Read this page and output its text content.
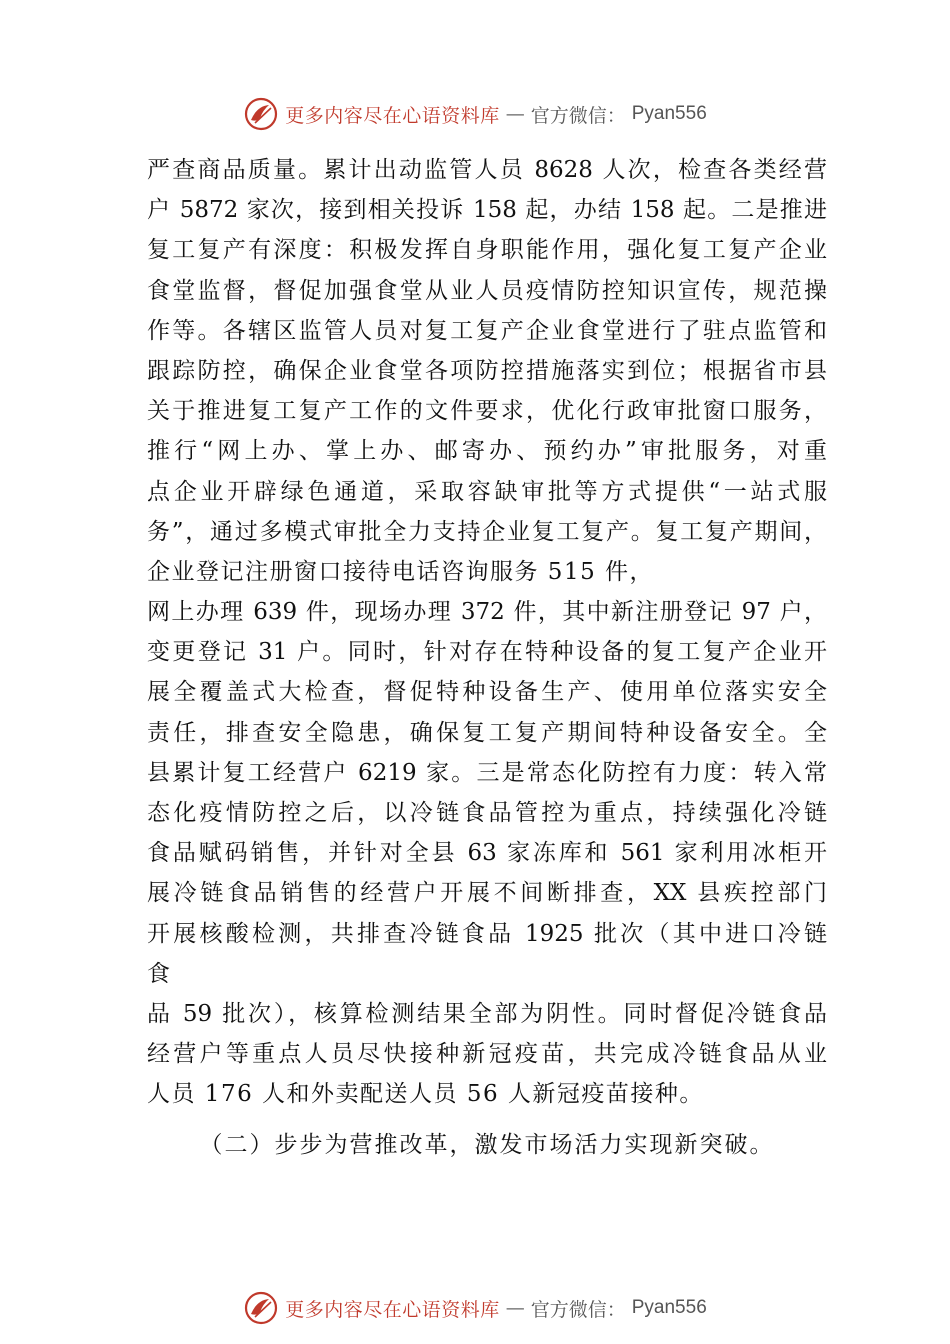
更多内容尽在心语资料库 — 官方微信： Pyan556
严查商品质量。累计出动监管人员 8628 人次，检查各类经营
户 5872 家次，接到相关投诉 158 起，办结 158 起。二是推进
复工复产有深度：积极发挥自身职能作用，强化复工复产企业
食堂监督，督促加强食堂从业人员疫情防控知识宣传，规范操
作等。各辖区监管人员对复工复产企业食堂进行了驻点监管和
跟踪防控，确保企业食堂各项防控措施落实到位；根据省市县
关于推进复工复产工作的文件要求，优化行政审批窗口服务，
推行“网上办、掌上办、邮寄办、预约办”审批服务，对重
点企业开辟绿色通道，采取容缺审批等方式提供“一站式服
务”，通过多模式审批全力支持企业复工复产。复工复产期间，
企业登记注册窗口接待电话咨询服务 515 件，
网上办理 639 件，现场办理 372 件，其中新注册登记 97 户，
变更登记 31 户。同时，针对存在特种设备的复工复产企业开
展全覆盖式大检查，督促特种设备生产、使用单位落实安全
责任，排查安全隐患，确保复工复产期间特种设备安全。全
县累计复工经营户 6219 家。三是常态化防控有力度：转入常
态化疫情防控之后，以冷链食品管控为重点，持续强化冷链
食品赋码销售，并针对全县 63 家冻库和 561 家利用冰柜开
展冷链食品销售的经营户开展不间断排查，XX 县疾控部门
开展核酸检测，共排查冷链食品 1925 批次（其中进口冷链
食
品 59 批次），核算检测结果全部为阴性。同时督促冷链食品
经营户等重点人员尽快接种新冠疫苗，共完成冷链食品从业
人员 176 人和外卖配送人员 56 人新冠疫苗接种。
（二）步步为营推改革，激发市场活力实现新突破。
更多内容尽在心语资料库 — 官方微信： Pyan556
